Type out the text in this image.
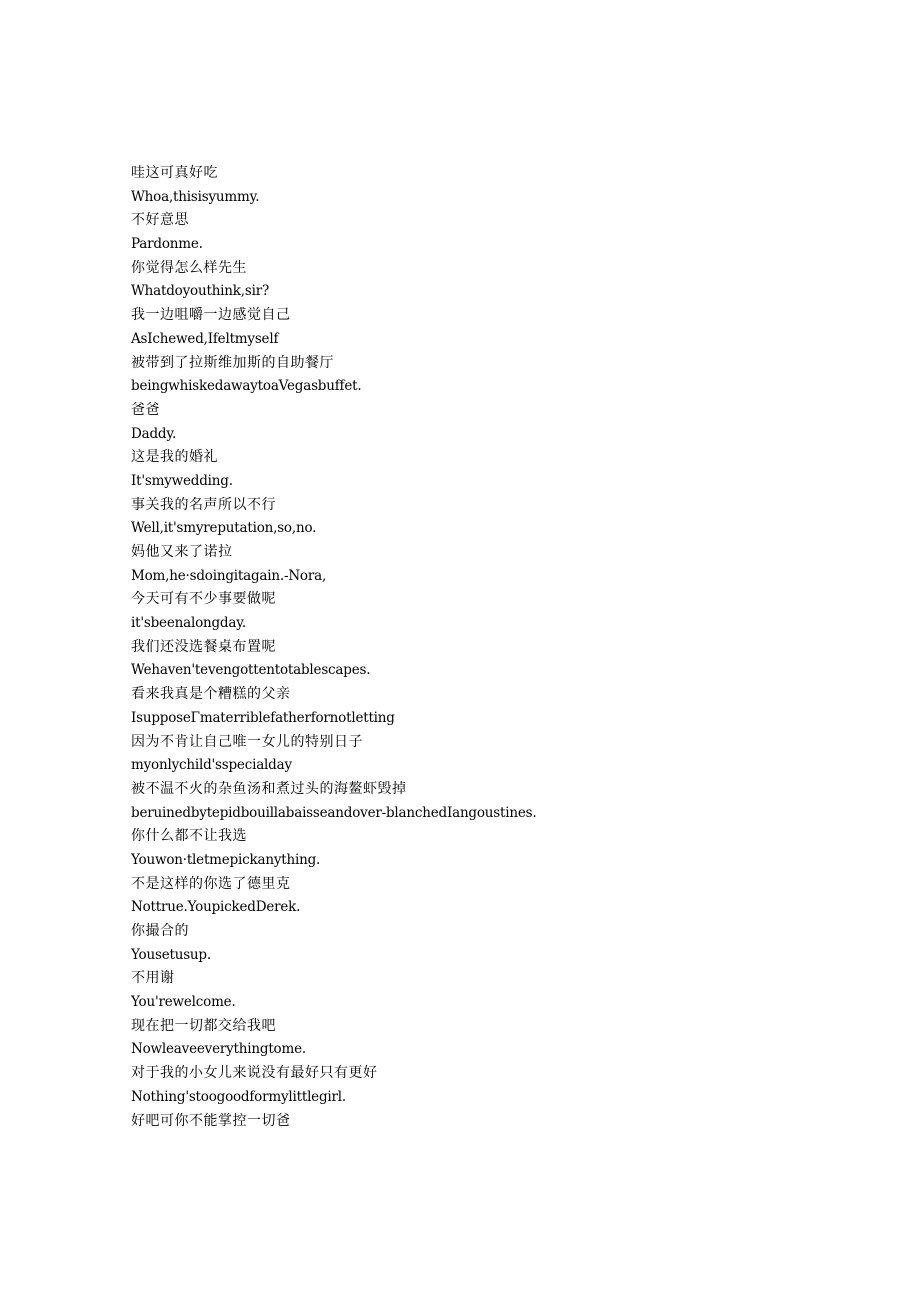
哇这可真好吃
Whoa,thisisyummy.
不好意思
Pardonme.
你觉得怎么样先生
Whatdoyouthink,sir?
我一边咀嚼一边感觉自己
AsIchewed,Ifeltmyself
被带到了拉斯维加斯的自助餐厅
beingwhiskedawaytoaVegasbuffet.
爸爸
Daddy.
这是我的婚礼
It'smywedding.
事关我的名声所以不行
Well,it'smyreputation,so,no.
妈他又来了诺拉
Mom,he·sdoingitagain.-Nora,
今天可有不少事要做呢
it'sbeenalongday.
我们还没选餐桌布置呢
Wehaven'tevengottentotablescapes.
看来我真是个糟糕的父亲
IsupposeΓmaterriblefatherfornotletting
因为不肯让自己唯一女儿的特别日子
myonlychild'sspecialday
被不温不火的杂鱼汤和煮过头的海鳌虾毁掉
beruinedbytepidbouillabaisseandover-blanchedIangoustines.
你什么都不让我选
Youwon·tletmepickanything.
不是这样的你选了德里克
Nottrue.YoupickedDerek.
你撮合的
Yousetusup.
不用谢
You'rewelcome.
现在把一切都交给我吧
Nowleaveeverythingtome.
对于我的小女儿来说没有最好只有更好
Nothing'stoogoodformylittlegirl.
好吧可你不能掌控一切爸
